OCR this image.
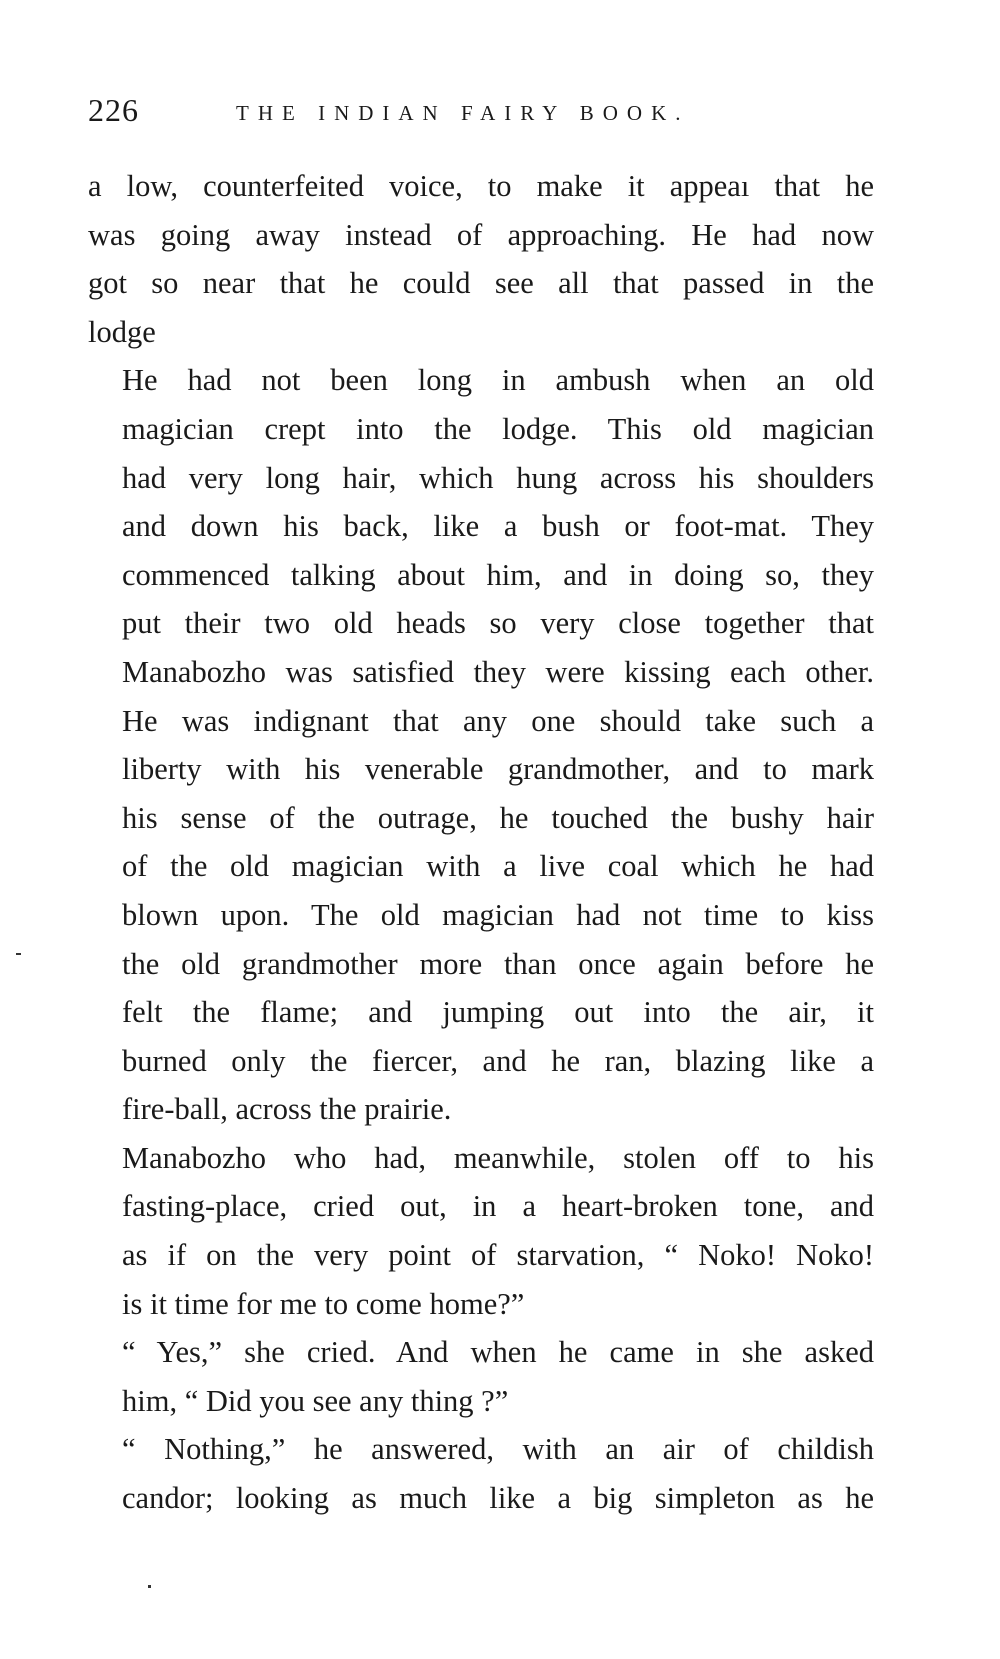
226	THE INDIAN FAIRY BOOK.

a low, counterfeited voice, to make it appeaı that he
was going away instead of approaching. He had now
got so near that he could see all that passed in the
lodge

He had not been long in ambush when an old
magician crept into the lodge. This old magician
had very long hair, which hung across his shoulders
and down his back, like a bush or foot-mat. They
commenced talking about him, and in doing so, they
put their two old heads so very close together that
Manabozho was satisfied they were kissing each other.
He was indignant that any one should take such a
liberty with his venerable grandmother, and to mark
his sense of the outrage, he touched the bushy hair
of the old magician with a live coal which he had
blown upon. The old magician had not time to kiss
the old grandmother more than once again before he
felt the flame; and jumping out into the air, it
burned only the fiercer, and he ran, blazing like a
fire-ball, across the prairie.

Manabozho who had, meanwhile, stolen off to his
fasting-place, cried out, in a heart-broken tone, and
as if on the very point of starvation, “ Noko! Noko!
is it time for me to come home?”

“ Yes,” she cried. And when he came in she asked
him, “ Did you see any thing ?”

“ Nothing,” he answered, with an air of childish
candor; looking as much like a big simpleton as he
